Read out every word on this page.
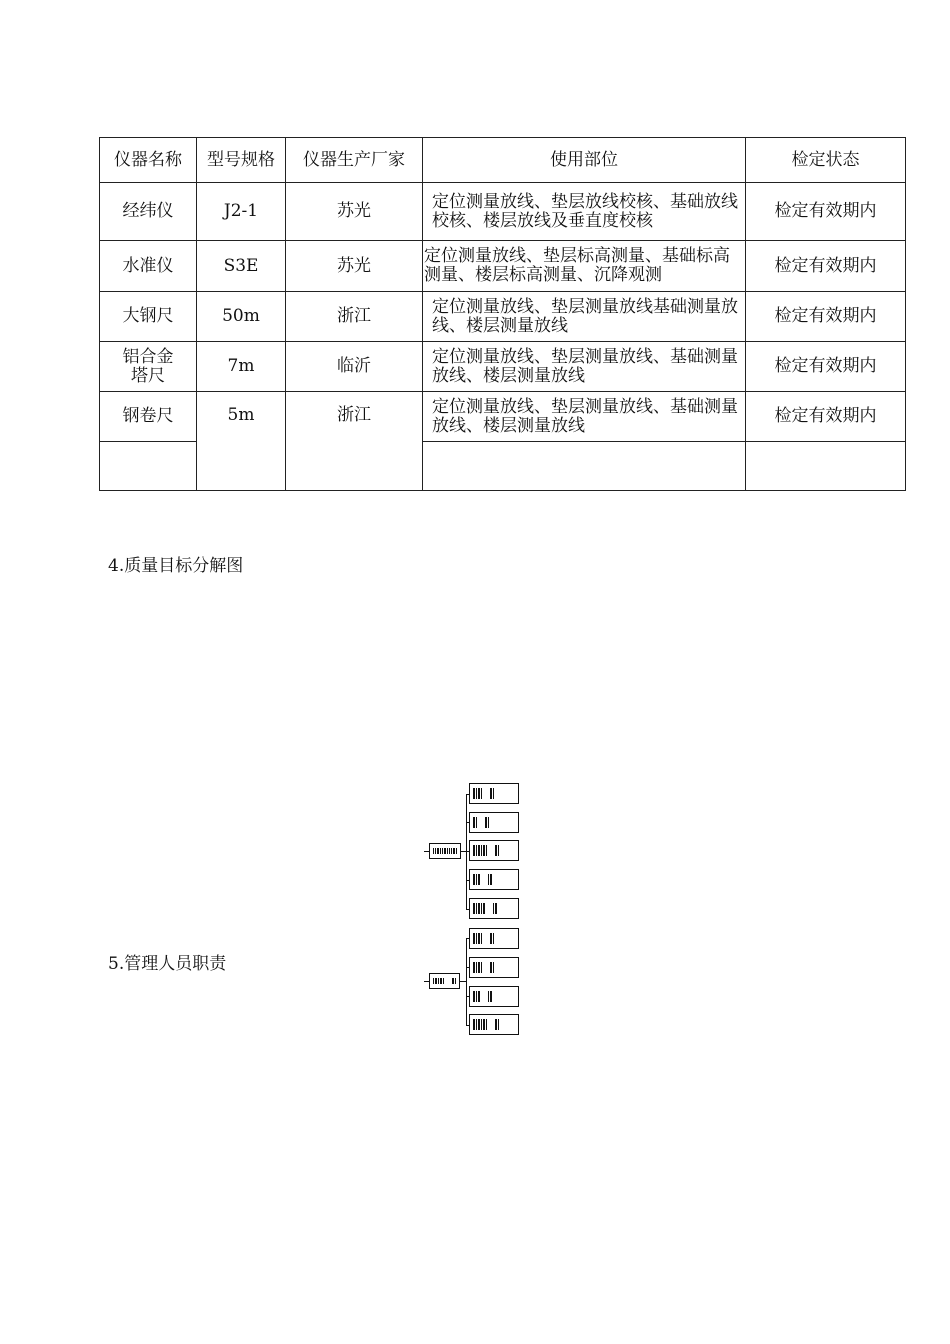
仪器名称	型号规格	仪器生产厂家	使用部位	检定状态
经纬仪	J2-1	苏光	定位测量放线、垫层放线校核、基础放线校核、楼层放线及垂直度校核	检定有效期内
水准仪	S3E	苏光	定位测量放线、垫层标高测量、基础标高测量、楼层标高测量、沉降观测	检定有效期内
大钢尺	50m	浙江	定位测量放线、垫层测量放线基础测量放线、楼层测量放线	检定有效期内
铝合金塔尺	7m	临沂	定位测量放线、垫层测量放线、基础测量放线、楼层测量放线	检定有效期内
钢卷尺	5m	浙江	定位测量放线、垫层测量放线、基础测量放线、楼层测量放线	检定有效期内

4.质量目标分解图
5.管理人员职责
